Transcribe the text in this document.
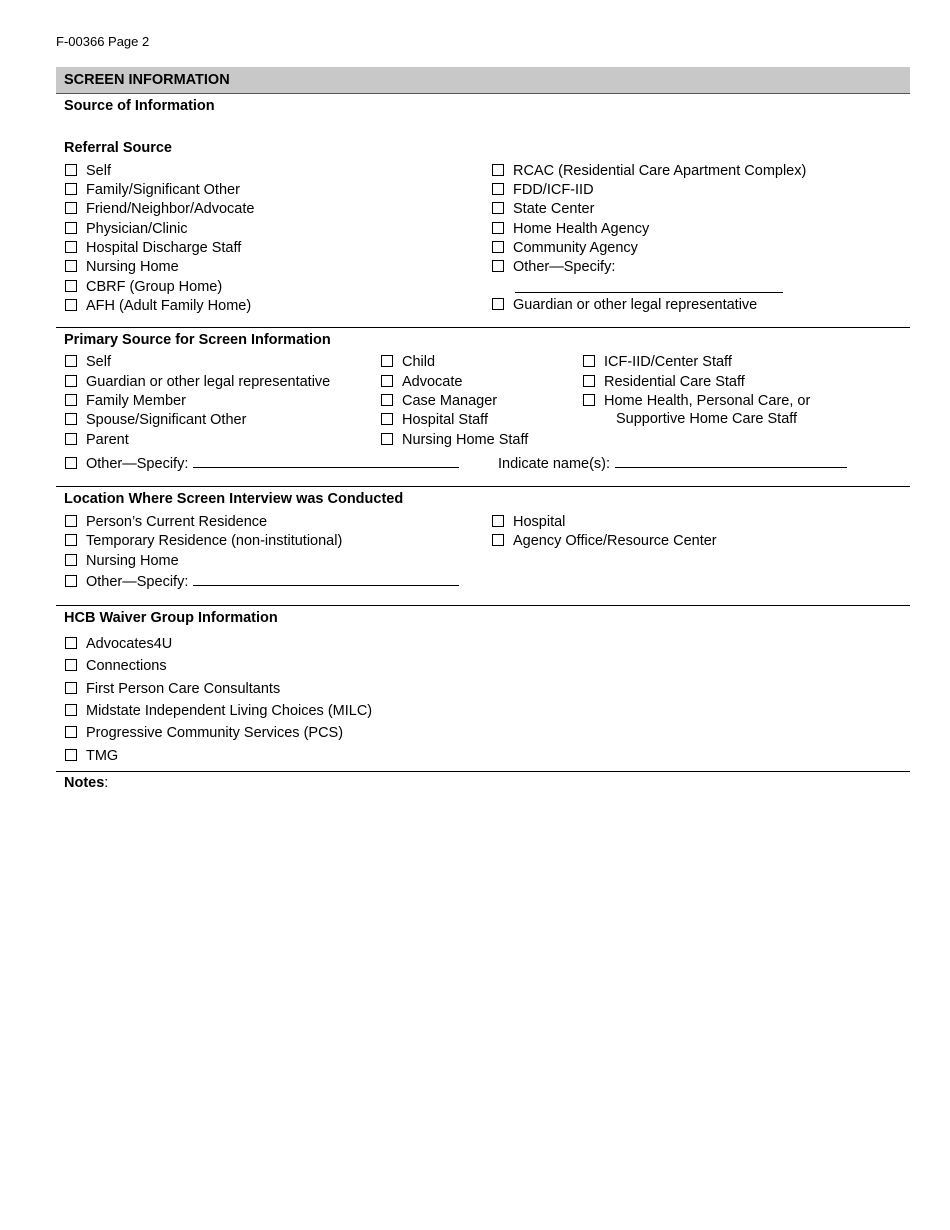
F-00366 Page 2
SCREEN INFORMATION
Source of Information
Referral Source
Self
Family/Significant Other
Friend/Neighbor/Advocate
Physician/Clinic
Hospital Discharge Staff
Nursing Home
CBRF (Group Home)
AFH (Adult Family Home)
RCAC (Residential Care Apartment Complex)
FDD/ICF-IID
State Center
Home Health Agency
Community Agency
Other—Specify:
Guardian or other legal representative
Primary Source for Screen Information
Self
Guardian or other legal representative
Family Member
Spouse/Significant Other
Parent
Child
Advocate
Case Manager
Hospital Staff
Nursing Home Staff
ICF-IID/Center Staff
Residential Care Staff
Home Health, Personal Care, or
Supportive Home Care Staff
Other—Specify:	Indicate name(s):
Location Where Screen Interview was Conducted
Person’s Current Residence
Temporary Residence (non-institutional)
Nursing Home
Other—Specify:
Hospital
Agency Office/Resource Center
HCB Waiver Group Information
Advocates4U
Connections
First Person Care Consultants
Midstate Independent Living Choices (MILC)
Progressive Community Services (PCS)
TMG
Notes:
